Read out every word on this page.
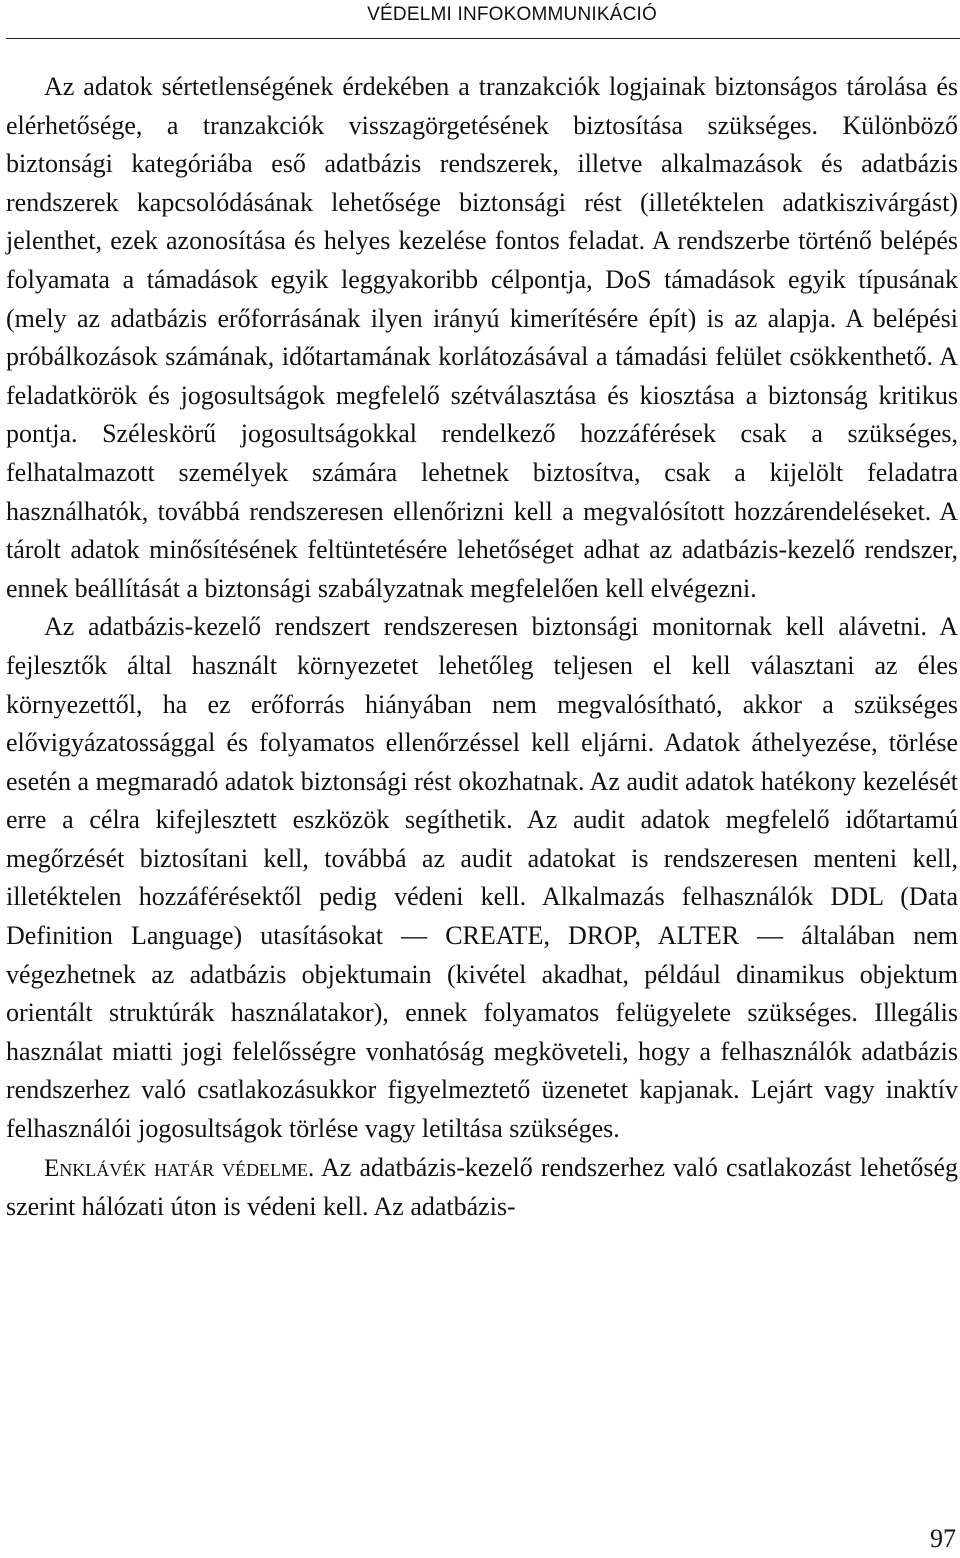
VÉDELMI INFOKOMMUNIKÁCIÓ

Az adatok sértetlenségének érdekében a tranzakciók logjainak biztonságos tárolása és elérhetősége, a tranzakciók visszagörgetésének biztosítása szükséges. Különböző biztonsági kategóriába eső adatbázis rendszerek, illetve alkalmazások és adatbázis rendszerek kapcsolódásának lehetősége biztonsági rést (illetéktelen adatkiszivárgást) jelenthet, ezek azonosítása és helyes kezelése fontos feladat. A rendszerbe történő belépés folyamata a támadások egyik leggyakoribb célpontja, DoS támadások egyik típusának (mely az adatbázis erőforrásának ilyen irányú kimerítésére épít) is az alapja. A belépési próbálkozások számának, időtartamának korlátozásával a támadási felület csökkenthető. A feladatkörök és jogosultságok megfelelő szétválasztása és kiosztása a biztonság kritikus pontja. Széleskörű jogosultságokkal rendelkező hozzáférések csak a szükséges, felhatalmazott személyek számára lehetnek biztosítva, csak a kijelölt feladatra használhatók, továbbá rendszeresen ellenőrizni kell a megvalósított hozzárendeléseket. A tárolt adatok minősítésének feltüntetésére lehetőséget adhat az adatbázis-kezelő rendszer, ennek beállítását a biztonsági szabályzatnak megfelelően kell elvégezni.

Az adatbázis-kezelő rendszert rendszeresen biztonsági monitornak kell alávetni. A fejlesztők által használt környezetet lehetőleg teljesen el kell választani az éles környezettől, ha ez erőforrás hiányában nem megvalósítható, akkor a szükséges elővigyázatossággal és folyamatos ellenőrzéssel kell eljárni. Adatok áthelyezése, törlése esetén a megmaradó adatok biztonsági rést okozhatnak. Az audit adatok hatékony kezelését erre a célra kifejlesztett eszközök segíthetik. Az audit adatok megfelelő időtartamú megőrzését biztosítani kell, továbbá az audit adatokat is rendszeresen menteni kell, illetéktelen hozzáférésektől pedig védeni kell. Alkalmazás felhasználók DDL (Data Definition Language) utasításokat — CREATE, DROP, ALTER — általában nem végezhetnek az adatbázis objektumain (kivétel akadhat, például dinamikus objektum orientált struktúrák használatakor), ennek folyamatos felügyelete szükséges. Illegális használat miatti jogi felelősségre vonhatóság megköveteli, hogy a felhasználók adatbázis rendszerhez való csatlakozásukkor figyelmeztető üzenetet kapjanak. Lejárt vagy inaktív felhasználói jogosultságok törlése vagy letiltása szükséges.

Enklávék határ védelme. Az adatbázis-kezelő rendszerhez való csatlakozást lehetőség szerint hálózati úton is védeni kell. Az adatbázis-

97
